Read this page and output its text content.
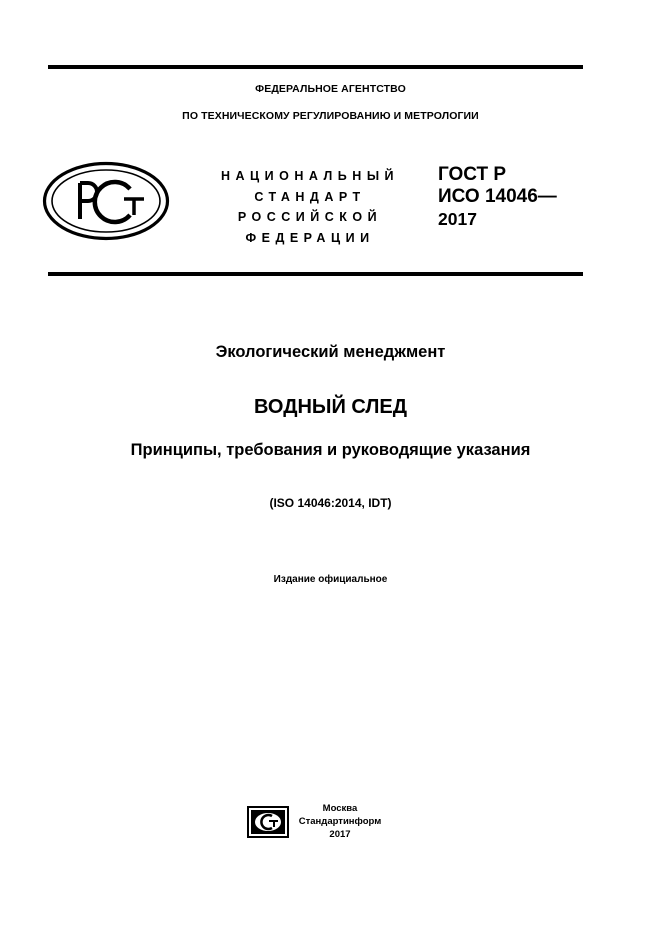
ФЕДЕРАЛЬНОЕ АГЕНТСТВО
ПО ТЕХНИЧЕСКОМУ РЕГУЛИРОВАНИЮ И МЕТРОЛОГИИ
НАЦИОНАЛЬНЫЙ
СТАНДАРТ
РОССИЙСКОЙ
ФЕДЕРАЦИИ
ГОСТ Р
ИСО 14046—
2017
Экологический менеджмент
ВОДНЫЙ СЛЕД
Принципы, требования и руководящие указания
(ISO 14046:2014, IDT)
Издание официальное
Москва
Стандартинформ
2017
